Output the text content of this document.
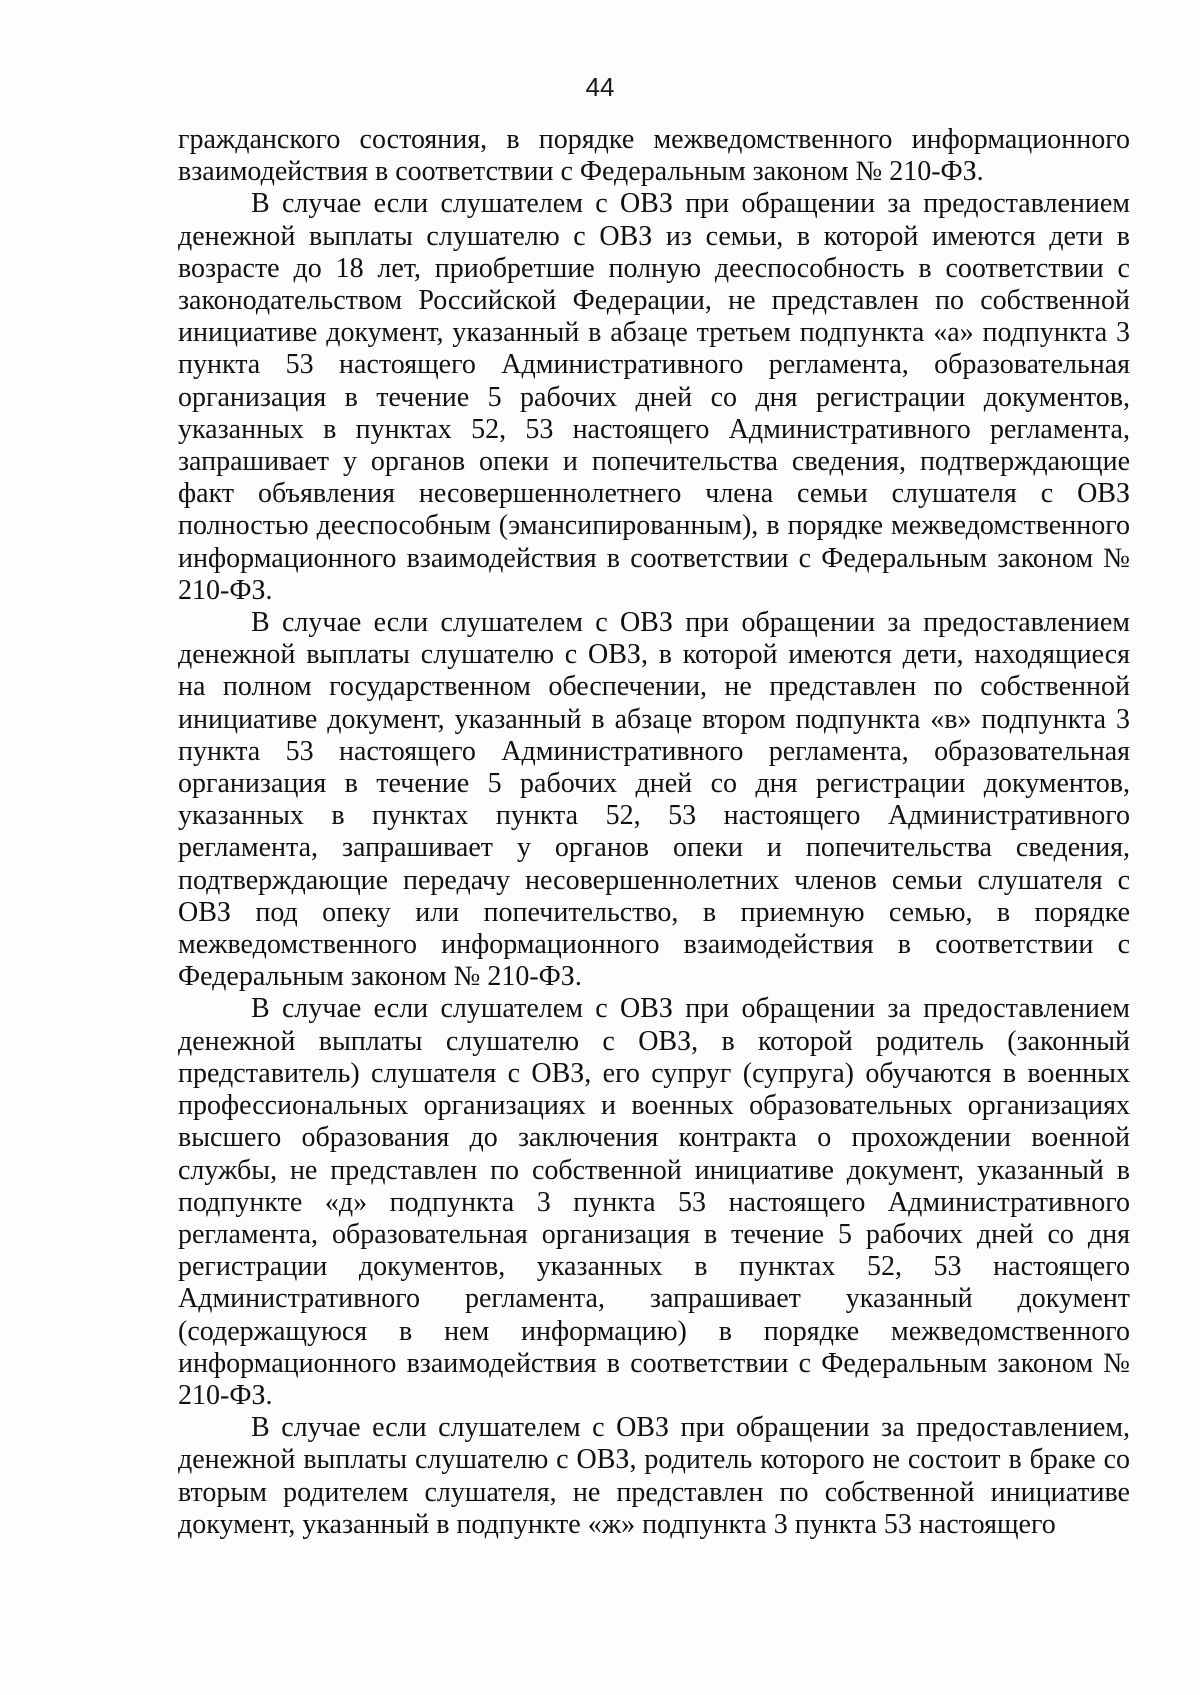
44

гражданского состояния, в порядке межведомственного информационного взаимодействия в соответствии с Федеральным законом № 210-ФЗ.

В случае если слушателем с ОВЗ при обращении за предоставлением денежной выплаты слушателю с ОВЗ из семьи, в которой имеются дети в возрасте до 18 лет, приобретшие полную дееспособность в соответствии с законодательством Российской Федерации, не представлен по собственной инициативе документ, указанный в абзаце третьем подпункта «а» подпункта 3 пункта 53 настоящего Административного регламента, образовательная организация в течение 5 рабочих дней со дня регистрации документов, указанных в пунктах 52, 53 настоящего Административного регламента, запрашивает у органов опеки и попечительства сведения, подтверждающие факт объявления несовершеннолетнего члена семьи слушателя с ОВЗ полностью дееспособным (эмансипированным), в порядке межведомственного информационного взаимодействия в соответствии с Федеральным законом № 210-ФЗ.

В случае если слушателем с ОВЗ при обращении за предоставлением денежной выплаты слушателю с ОВЗ, в которой имеются дети, находящиеся на полном государственном обеспечении, не представлен по собственной инициативе документ, указанный в абзаце втором подпункта «в» подпункта 3 пункта 53 настоящего Административного регламента, образовательная организация в течение 5 рабочих дней со дня регистрации документов, указанных в пунктах пункта 52, 53 настоящего Административного регламента, запрашивает у органов опеки и попечительства сведения, подтверждающие передачу несовершеннолетних членов семьи слушателя с ОВЗ под опеку или попечительство, в приемную семью, в порядке межведомственного информационного взаимодействия в соответствии с Федеральным законом № 210-ФЗ.

В случае если слушателем с ОВЗ при обращении за предоставлением денежной выплаты слушателю с ОВЗ, в которой родитель (законный представитель) слушателя с ОВЗ, его супруг (супруга) обучаются в военных профессиональных организациях и военных образовательных организациях высшего образования до заключения контракта о прохождении военной службы, не представлен по собственной инициативе документ, указанный в подпункте «д» подпункта 3 пункта 53 настоящего Административного регламента, образовательная организация в течение 5 рабочих дней со дня регистрации документов, указанных в пунктах 52, 53 настоящего Административного регламента, запрашивает указанный документ (содержащуюся в нем информацию) в порядке межведомственного информационного взаимодействия в соответствии с Федеральным законом № 210-ФЗ.

В случае если слушателем с ОВЗ при обращении за предоставлением, денежной выплаты слушателю с ОВЗ, родитель которого не состоит в браке со вторым родителем слушателя, не представлен по собственной инициативе документ, указанный в подпункте «ж» подпункта 3 пункта 53 настоящего
